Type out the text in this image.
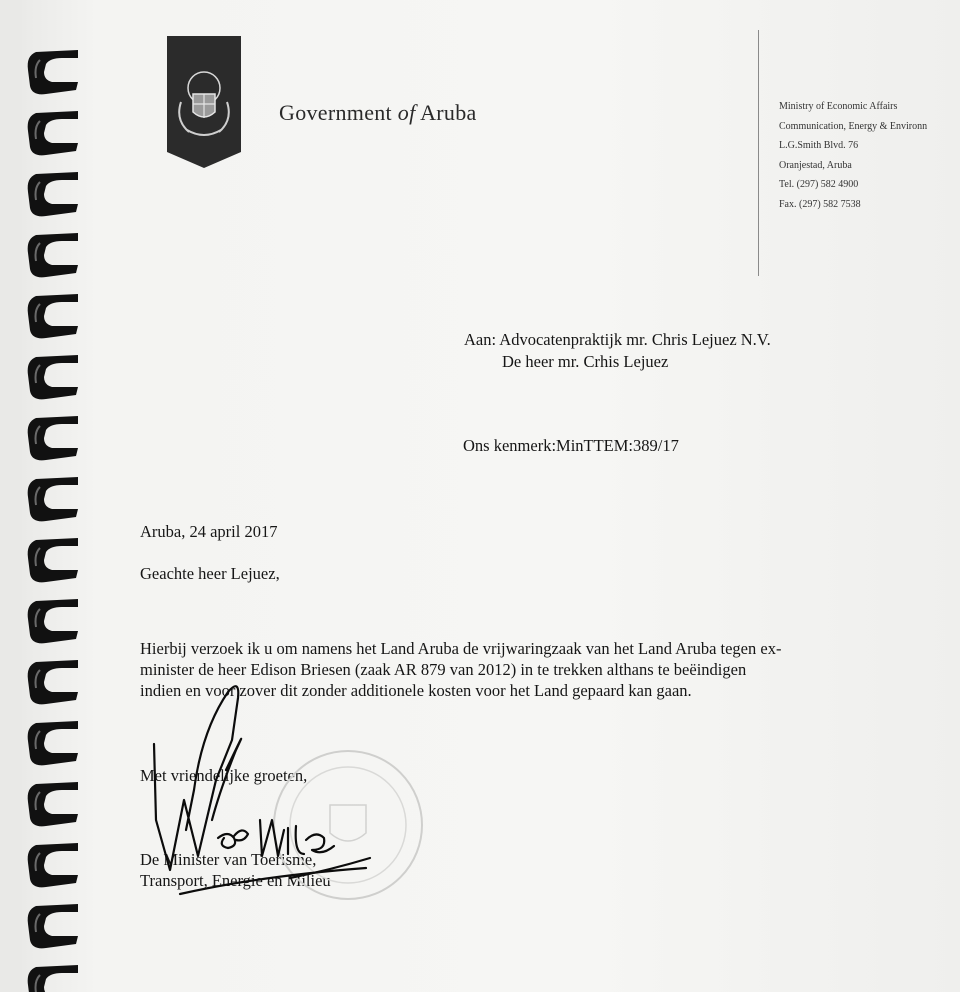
Government of Aruba	Ministry of Economic Affairs
Communication, Energy & Environn
L.G.Smith Blvd. 76
Oranjestad, Aruba
Tel. (297) 582 4900
Fax. (297) 582 7538
Aan: Advocatenpraktijk mr. Chris Lejuez N.V.
De heer mr. Crhis Lejuez
Ons kenmerk:MinTTEM:389/17
Aruba, 24 april 2017
Geachte heer Lejuez,
Hierbij verzoek ik u om namens het Land Aruba de vrijwaringzaak van het Land Aruba tegen ex-
minister de heer Edison Briesen (zaak AR 879 van 2012) in te trekken althans te beëindigen
indien en voor zover dit zonder additionele kosten voor het Land gepaard kan gaan.
Met vriendelijke groeten,
De Minister van Toerisme,
Transport, Energie en Milieu
